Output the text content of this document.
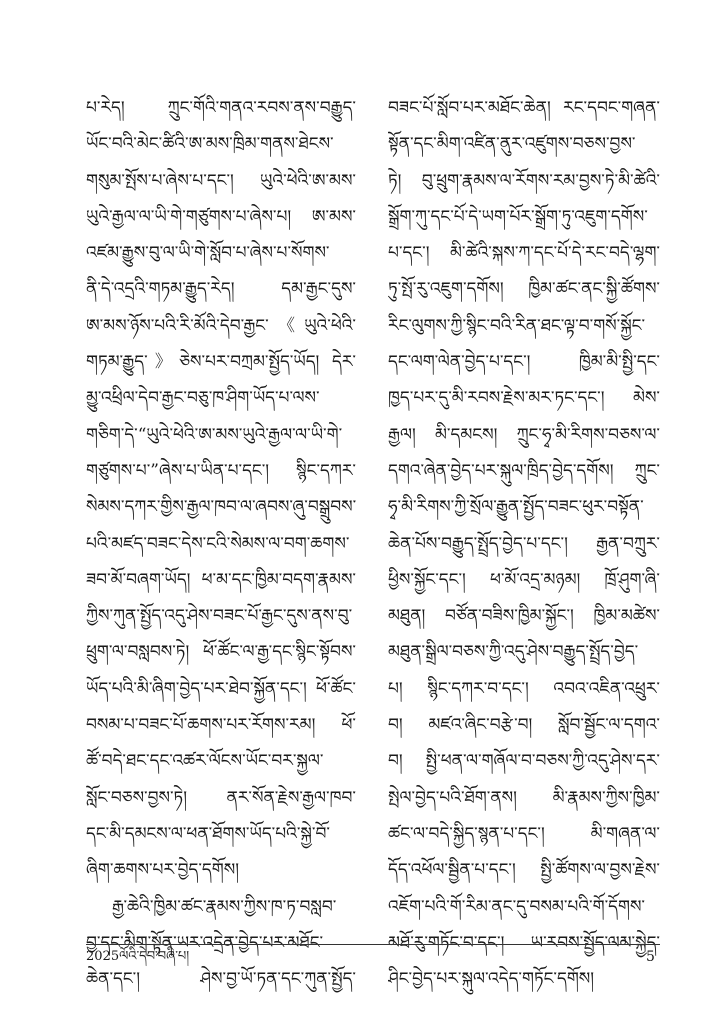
པ་རེད། ཀྲུང་གོའི་གནའ་རབས་ནས་བརྒྱུད་
ཡོང་བའི་མེང་ཚིའི་ཨ་མས་ཁྲིམ་གནས་ཐེངས་
གསུམ་སྤོས་པ་ཞེས་པ་དང་། ཡུའེ་ཕེའི་ཨ་མས་
ཡུའེ་རྒྱལ་ལ་ཡི་གེ་གཙུགས་པ་ཞེས་པ། ཨ་མས་
འཛམ་རྒྱུས་བུ་ལ་ཡི་གེ་སློབ་པ་ཞེས་པ་སོགས་
ནི་དེ་འདྲའི་གཏམ་རྒྱུད་རེད། དམ་རྒྱང་དུས་
ཨ་མས་ཉོས་པའི་རི་མོའི་དེབ་རྒྱང་《ཡུའེ་ཕེའི་
གཏམ་རྒྱུད་》ཅེས་པར་བཀྲམ་སྤྱོད་ཡོད། དེར་
མྱུ་འཕྲིལ་དེབ་རྒྱང་བཅུ་ཁ་ཤིག་ཡོད་པ་ལས་
གཅིག་དེ་“ཡུའེ་ཕེའི་ཨ་མས་ཡུའེ་རྒྱལ་ལ་ཡི་གེ་
གཙུགས་པ་”ཞེས་པ་ཡིན་པ་དང་། སྙིང་དཀར་
སེམས་དཀར་གྱིས་རྒྱལ་ཁབ་ལ་ཞབས་ཞུ་བསྒྲུབས་
པའི་མཛད་བཟང་དེས་ངའི་སེམས་ལ་བག་ཆགས་
ཟབ་མོ་བཞག་ཡོད། ཕ་མ་དང་ཁྱིམ་བདག་རྣམས་
ཀྱིས་ཀུན་སྤྱོད་འདུ་ཤེས་བཟང་པོ་རྒྱང་དུས་ནས་བུ་
ཕྲུག་ལ་བསླབས་ཏེ། ཕོ་ཚོང་ལ་རྒྱ་དང་སྙིང་སྟོབས་
ཡོད་པའི་མི་ཞིག་བྱེད་པར་ཐེབ་སྐྱོན་དང་། ཕོ་ཚོང་
བསམ་པ་བཟང་པོ་ཆགས་པར་རོགས་རམ། ཕོ་
ཚོ་བདེ་ཐང་དང་འཚར་ལོངས་ཡོང་བར་སྐྱལ་
སློང་བཅས་བྱས་ཏེ། ནར་སོན་རྗེས་རྒྱལ་ཁབ་
དང་མི་དམངས་ལ་ཕན་ཐོགས་ཡོད་པའི་སྐྱེ་བོ་
ཞིག་ཆགས་པར་བྱེད་དགོས།
རྒྱ་ཆེའི་ཁྱིམ་ཚང་རྣམས་ཀྱིས་ཁ་ཏ་བསླབ་
བྱ་དང་མིག་སྟོན་ཡར་འདྲེན་བྱེད་པར་མཐོང་
ཆེན་དང་། ཤེས་བྱ་ཡོ་ཏན་དང་ཀུན་སྤྱོད་
བཟང་པོ་སློབ་པར་མཐོང་ཆེན། རང་དབང་གཞན་
སྟོན་དང་མིག་འཛིན་ནུར་འཛུགས་བཅས་བྱས་
ཏེ། བུ་ཕྲུག་རྣམས་ལ་རོགས་རམ་བྱས་ཏེ་མི་ཚེའི་
སྒྲོག་ཀུ་དང་པོ་དེ་ཡག་པོར་སྒྲོག་ཏུ་འཇུག་དགོས་
པ་དང་། མི་ཚེའི་སྐས་ཀ་དང་པོ་དེ་རང་བདེ་ལྷག་
ཏུ་སྤོ་རུ་འཇུག་དགོས། ཁྱིམ་ཚང་ནང་སྐྱི་ཚོགས་
རིང་ལུགས་ཀྱི་སྙིང་བའི་རིན་ཐང་ལྟ་བ་གསོ་སྐྱོང་
དང་ལག་ལེན་བྱེད་པ་དང་། ཁྱིམ་མི་སྤྱི་དང་
ཁྱད་པར་དུ་མི་རབས་རྗེས་མར་ཏང་དང་། མེས་
རྒྱལ། མི་དམངས། ཀྲུང་ཧྭ་མི་རིགས་བཅས་ལ་
དགའ་ཞེན་བྱེད་པར་སྐུལ་ཁྲིད་བྱེད་དགོས། ཀྲུང་
ཧྭ་མི་རིགས་ཀྱི་སྲོལ་རྒྱུན་སྤྱོད་བཟང་ཕུར་བསྟོན་
ཆེན་པོས་བརྒྱུད་སྤྲོད་བྱེད་པ་དང་། རྒྱན་བཀྲུར་
ཕྱིས་སྐྱོང་དང་། ཕ་མོ་འདྲ་མཉམ། ཁྲོ་ཤུག་ཞི་
མཐུན། བཙོན་བཟིས་ཁྱིམ་སྐྱོང་། ཁྱིམ་མཚེས་
མཐུན་སྒྲིལ་བཅས་ཀྱི་འདུ་ཤེས་བརྒྱུད་སྤྲོད་བྱེད་
པ། སྙིང་དཀར་བ་དང་། འབའ་འཇིན་འཕྲུར་
བ། མཛའ་ཞིང་བརྩེ་བ། སློབ་སྦྱོང་ལ་དགའ་
བ། སྤྱི་ཕན་ལ་གཞོལ་བ་བཅས་ཀྱི་འདུ་ཤེས་དར་
སྤེལ་བྱེད་པའི་ཐོག་ནས། མི་རྣམས་ཀྱིས་ཁྱིམ་
ཚང་ལ་བདེ་སྐྱིད་སྙན་པ་དང་། མི་གཞན་ལ་
དོད་འཕོལ་སྦྱིན་པ་དང་། སྤྱི་ཚོགས་ལ་བྱས་རྗེས་
འཇོག་པའི་གོ་རིམ་ནང་དུ་བསམ་པའི་གོ་དོགས་
མཐོ་རུ་གཏོང་བ་དང་། ཡ་རབས་སྤྱོད་ལམ་སྐྱེད་
ཤིང་བྱེད་པར་སྐུལ་འདེད་གཏོང་དགོས།
2025ལོའི་དེབ་བཞི་པ།	5
